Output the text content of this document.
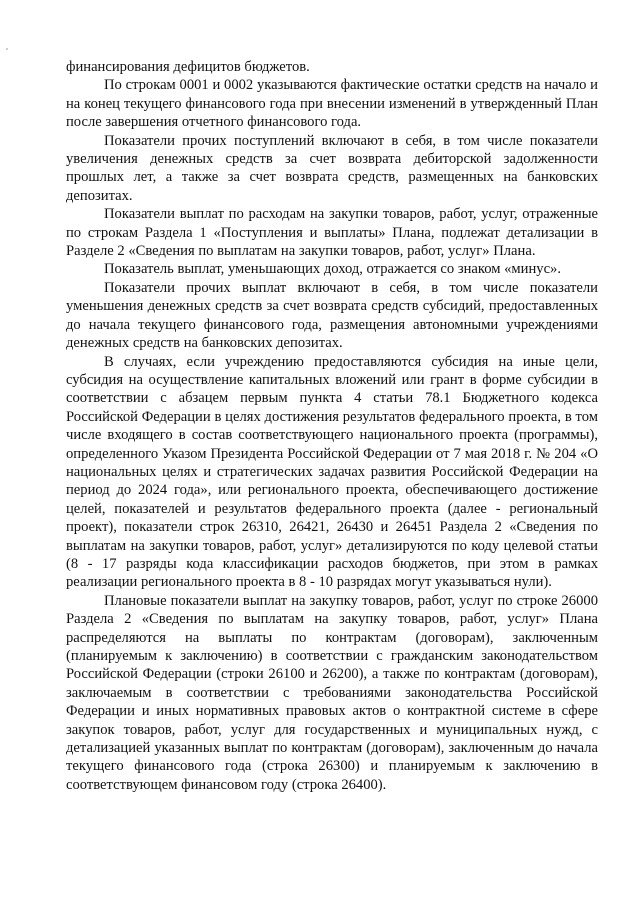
финансирования дефицитов бюджетов.

По строкам 0001 и 0002 указываются фактические остатки средств на начало и на конец текущего финансового года при внесении изменений в утвержденный План после завершения отчетного финансового года.

Показатели прочих поступлений включают в себя, в том числе показатели увеличения денежных средств за счет возврата дебиторской задолженности прошлых лет, а также за счет возврата средств, размещенных на банковских депозитах.

Показатели выплат по расходам на закупки товаров, работ, услуг, отраженные по строкам Раздела 1 «Поступления и выплаты» Плана, подлежат детализации в Разделе 2 «Сведения по выплатам на закупки товаров, работ, услуг» Плана.

Показатель выплат, уменьшающих доход, отражается со знаком «минус».

Показатели прочих выплат включают в себя, в том числе показатели уменьшения денежных средств за счет возврата средств субсидий, предоставленных до начала текущего финансового года, размещения автономными учреждениями денежных средств на банковских депозитах.

В случаях, если учреждению предоставляются субсидия на иные цели, субсидия на осуществление капитальных вложений или грант в форме субсидии в соответствии с абзацем первым пункта 4 статьи 78.1 Бюджетного кодекса Российской Федерации в целях достижения результатов федерального проекта, в том числе входящего в состав соответствующего национального проекта (программы), определенного Указом Президента Российской Федерации от 7 мая 2018 г. № 204 «О национальных целях и стратегических задачах развития Российской Федерации на период до 2024 года», или регионального проекта, обеспечивающего достижение целей, показателей и результатов федерального проекта (далее - региональный проект), показатели строк 26310, 26421, 26430 и 26451 Раздела 2 «Сведения по выплатам на закупки товаров, работ, услуг» детализируются по коду целевой статьи (8 - 17 разряды кода классификации расходов бюджетов, при этом в рамках реализации регионального проекта в 8 - 10 разрядах могут указываться нули).

Плановые показатели выплат на закупку товаров, работ, услуг по строке 26000 Раздела 2 «Сведения по выплатам на закупку товаров, работ, услуг» Плана распределяются на выплаты по контрактам (договорам), заключенным (планируемым к заключению) в соответствии с гражданским законодательством Российской Федерации (строки 26100 и 26200), а также по контрактам (договорам), заключаемым в соответствии с требованиями законодательства Российской Федерации и иных нормативных правовых актов о контрактной системе в сфере закупок товаров, работ, услуг для государственных и муниципальных нужд, с детализацией указанных выплат по контрактам (договорам), заключенным до начала текущего финансового года (строка 26300) и планируемым к заключению в соответствующем финансовом году (строка 26400).
